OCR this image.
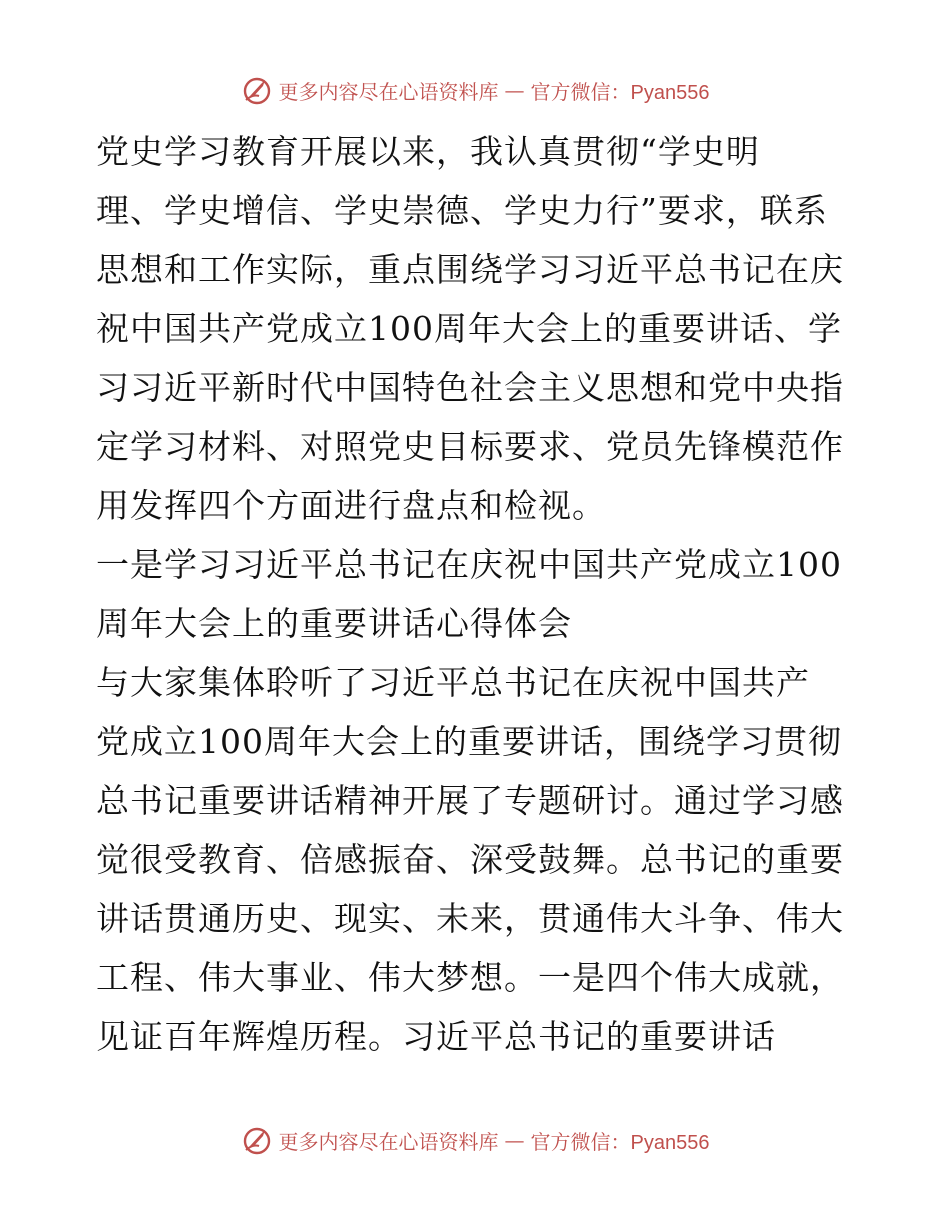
更多内容尽在心语资料库 — 官方微信：Pyan556

党史学习教育开展以来，我认真贯彻“学史明
理、学史增信、学史崇德、学史力行”要求，联系
思想和工作实际，重点围绕学习习近平总书记在庆
祝中国共产党成立100周年大会上的重要讲话、学
习习近平新时代中国特色社会主义思想和党中央指
定学习材料、对照党史目标要求、党员先锋模范作
用发挥四个方面进行盘点和检视。

一是学习习近平总书记在庆祝中国共产党成立100
周年大会上的重要讲话心得体会

与大家集体聆听了习近平总书记在庆祝中国共产
党成立100周年大会上的重要讲话，围绕学习贯彻
总书记重要讲话精神开展了专题研讨。通过学习感
觉很受教育、倍感振奋、深受鼓舞。总书记的重要
讲话贯通历史、现实、未来，贯通伟大斗争、伟大
工程、伟大事业、伟大梦想。一是四个伟大成就，
见证百年辉煌历程。习近平总书记的重要讲话

更多内容尽在心语资料库 — 官方微信：Pyan556
